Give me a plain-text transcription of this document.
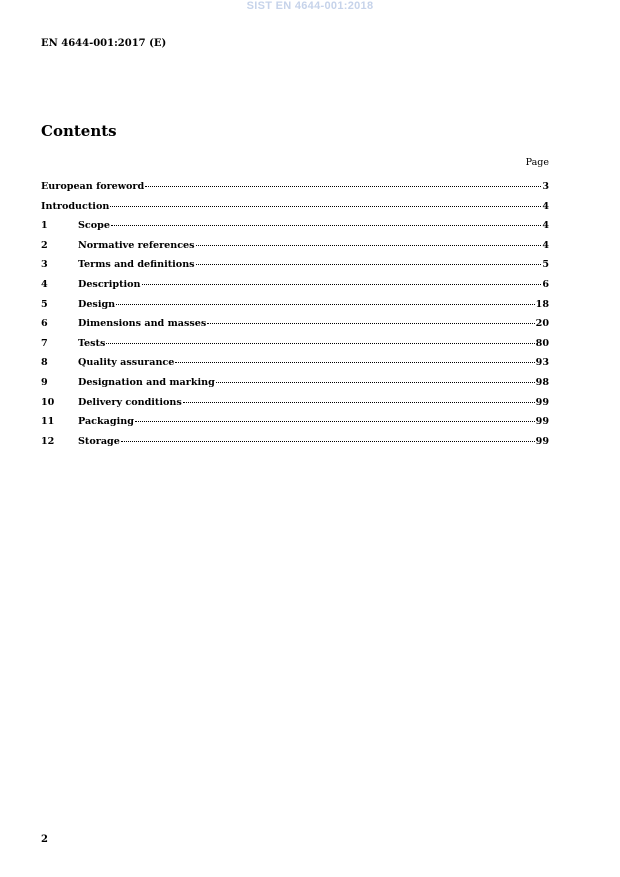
SIST EN 4644-001:2018
EN 4644-001:2017 (E)
Contents
Page
European foreword	3
Introduction	4
1	Scope	4
2	Normative references	4
3	Terms and definitions	5
4	Description	6
5	Design	18
6	Dimensions and masses	20
7	Tests	80
8	Quality assurance	93
9	Designation and marking	98
10	Delivery conditions	99
11	Packaging	99
12	Storage	99
2
